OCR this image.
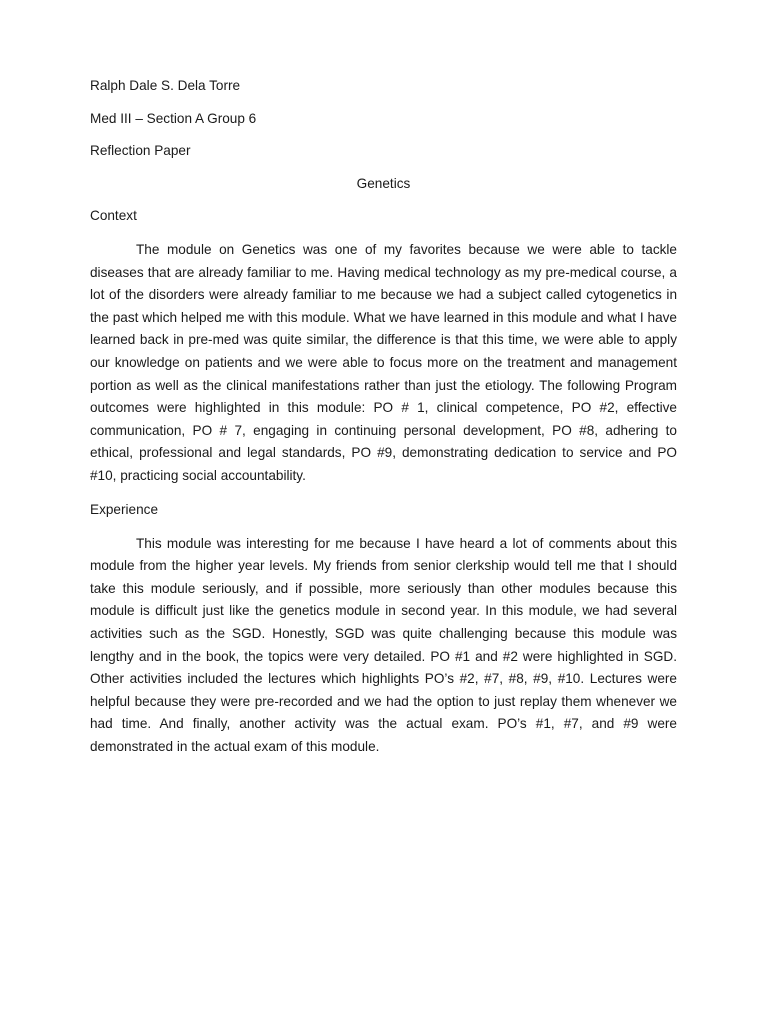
Ralph Dale S. Dela Torre
Med III – Section A Group 6
Reflection Paper
Genetics
Context

The module on Genetics was one of my favorites because we were able to tackle diseases that are already familiar to me. Having medical technology as my pre-medical course, a lot of the disorders were already familiar to me because we had a subject called cytogenetics in the past which helped me with this module. What we have learned in this module and what I have learned back in pre-med was quite similar, the difference is that this time, we were able to apply our knowledge on patients and we were able to focus more on the treatment and management portion as well as the clinical manifestations rather than just the etiology. The following Program outcomes were highlighted in this module: PO # 1, clinical competence, PO #2, effective communication, PO # 7, engaging in continuing personal development, PO #8, adhering to ethical, professional and legal standards, PO #9, demonstrating dedication to service and PO #10, practicing social accountability.

Experience

This module was interesting for me because I have heard a lot of comments about this module from the higher year levels. My friends from senior clerkship would tell me that I should take this module seriously, and if possible, more seriously than other modules because this module is difficult just like the genetics module in second year. In this module, we had several activities such as the SGD. Honestly, SGD was quite challenging because this module was lengthy and in the book, the topics were very detailed. PO #1 and #2 were highlighted in SGD. Other activities included the lectures which highlights PO’s #2, #7, #8, #9, #10. Lectures were helpful because they were pre-recorded and we had the option to just replay them whenever we had time. And finally, another activity was the actual exam. PO’s #1, #7, and #9 were demonstrated in the actual exam of this module.
